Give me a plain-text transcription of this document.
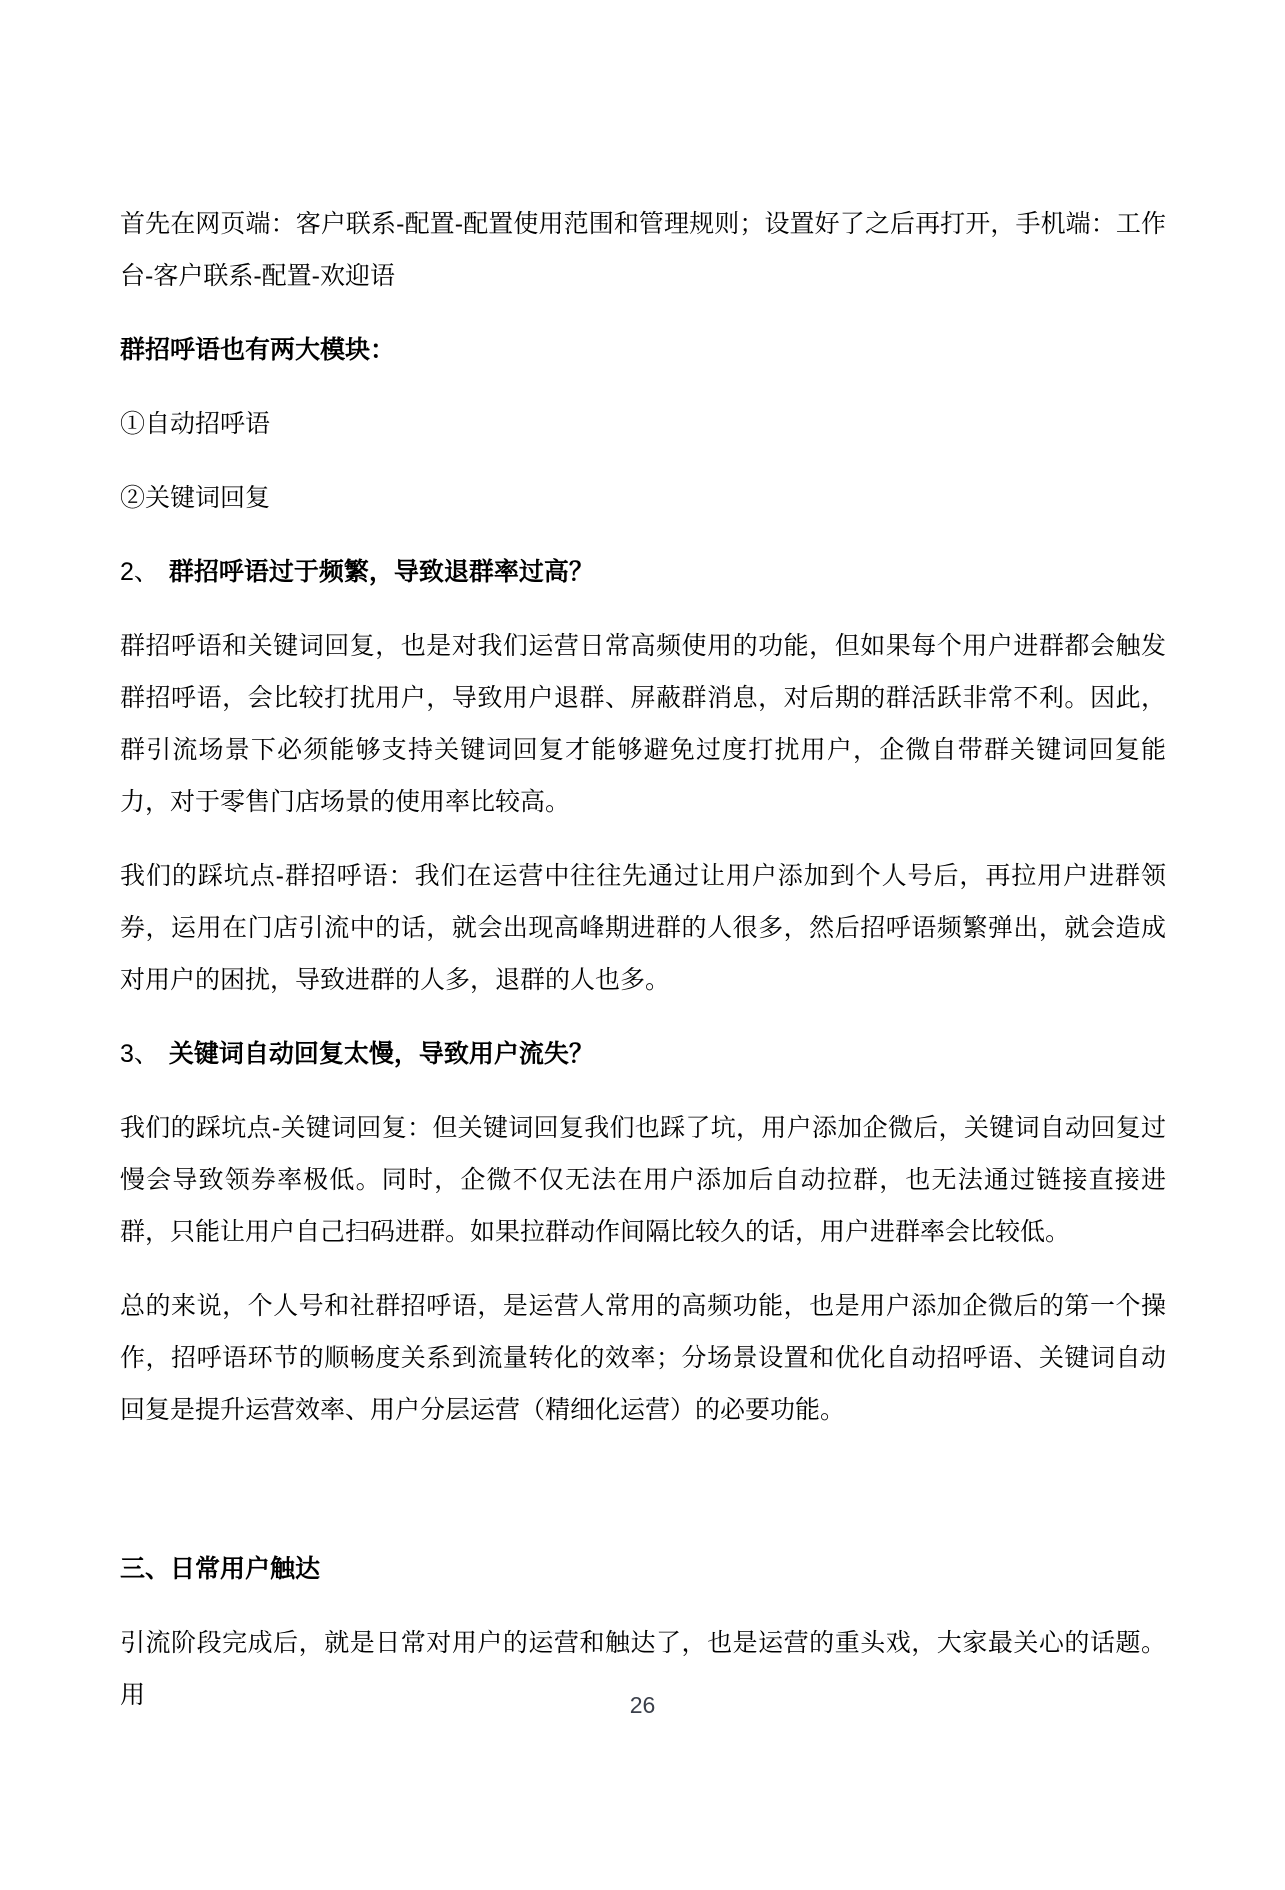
首先在网页端：客户联系-配置-配置使用范围和管理规则；设置好了之后再打开，手机端：工作台-客户联系-配置-欢迎语

群招呼语也有两大模块：

①自动招呼语

②关键词回复

2、 群招呼语过于频繁，导致退群率过高？

群招呼语和关键词回复，也是对我们运营日常高频使用的功能，但如果每个用户进群都会触发群招呼语，会比较打扰用户，导致用户退群、屏蔽群消息，对后期的群活跃非常不利。因此，群引流场景下必须能够支持关键词回复才能够避免过度打扰用户，企微自带群关键词回复能力，对于零售门店场景的使用率比较高。

我们的踩坑点-群招呼语：我们在运营中往往先通过让用户添加到个人号后，再拉用户进群领券，运用在门店引流中的话，就会出现高峰期进群的人很多，然后招呼语频繁弹出，就会造成对用户的困扰，导致进群的人多，退群的人也多。

3、 关键词自动回复太慢，导致用户流失？

我们的踩坑点-关键词回复：但关键词回复我们也踩了坑，用户添加企微后，关键词自动回复过慢会导致领券率极低。同时，企微不仅无法在用户添加后自动拉群，也无法通过链接直接进群，只能让用户自己扫码进群。如果拉群动作间隔比较久的话，用户进群率会比较低。

总的来说，个人号和社群招呼语，是运营人常用的高频功能，也是用户添加企微后的第一个操作，招呼语环节的顺畅度关系到流量转化的效率；分场景设置和优化自动招呼语、关键词自动回复是提升运营效率、用户分层运营（精细化运营）的必要功能。

三、日常用户触达

引流阶段完成后，就是日常对用户的运营和触达了，也是运营的重头戏，大家最关心的话题。用	26
